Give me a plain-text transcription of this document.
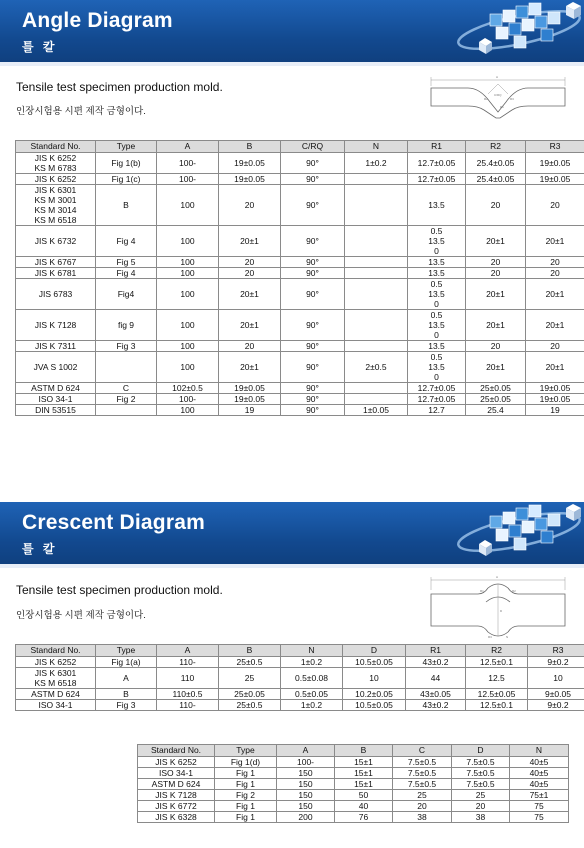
Angle Diagram
틀 칼
Tensile test specimen production mold.
인장시험용 시편 제작 금형이다.
A
C/RQ
R2	R3
R1
Standard No.	Type	A	B	C/RQ	N	R1	R2	R3

JIS K 6252
KS M 6783	Fig 1(b)	100-	19±0.05	90°	1±0.2	12.7±0.05	25.4±0.05	19±0.05
JIS K 6252	Fig 1(c)	100-	19±0.05	90°		12.7±0.05	25.4±0.05	19±0.05

JIS K 6301
KS M 3001
KS M 3014
KS M 6518	B	100	20	90°		13.5	20	20
JIS K 6732	Fig 4	100	20±1	90°		0.5
13.5
0	20±1	20±1
JIS K 6767	Fig 5	100	20	90°		13.5	20	20
JIS K 6781	Fig 4	100	20	90°		13.5	20	20
JIS 6783	Fig4	100	20±1	90°		0.5
13.5
0	20±1	20±1
JIS K 7128	fig 9	100	20±1	90°		0.5
13.5
0	20±1	20±1
JIS K 7311	Fig 3	100	20	90°		13.5	20	20
JVA S 1002		100	20±1	90°	2±0.5	0.5
13.5
0	20±1	20±1
ASTM D 624	C	102±0.5	19±0.05	90°		12.7±0.05	25±0.05	19±0.05
ISO 34-1	Fig 2	100-	19±0.05	90°		12.7±0.05	25±0.05	19±0.05
DIN 53515		100	19	90°	1±0.05	12.7	25.4	19
Crescent Diagram
틀 칼
Tensile test specimen production mold.
인장시험용 시편 제작 금형이다.
A
R1	R2
D
R3	N
Standard No.	Type	A	B	N	D	R1	R2	R3
JIS K 6252	Fig 1(a)	110-	25±0.5	1±0.2	10.5±0.05	43±0.2	12.5±0.1	9±0.2

JIS K 6301
KS M 6518	A	110	25	0.5±0.08	10	44	12.5	10
ASTM D 624	B	110±0.5	25±0.05	0.5±0.05	10.2±0.05	43±0.05	12.5±0.05	9±0.05
ISO 34-1	Fig 3	110-	25±0.5	1±0.2	10.5±0.05	43±0.2	12.5±0.1	9±0.2
Standard No.	Type	A	B	C	D	N
JIS K 6252	Fig 1(d)	100-	15±1	7.5±0.5	7.5±0.5	40±5
ISO 34-1	Fig 1	150	15±1	7.5±0.5	7.5±0.5	40±5
ASTM D 624	Fig 1	150	15±1	7.5±0.5	7.5±0.5	40±5
JIS K 7128	Fig 2	150	50	25	25	75±1
JIS K 6772	Fig 1	150	40	20	20	75
JIS K 6328	Fig 1	200	76	38	38	75
